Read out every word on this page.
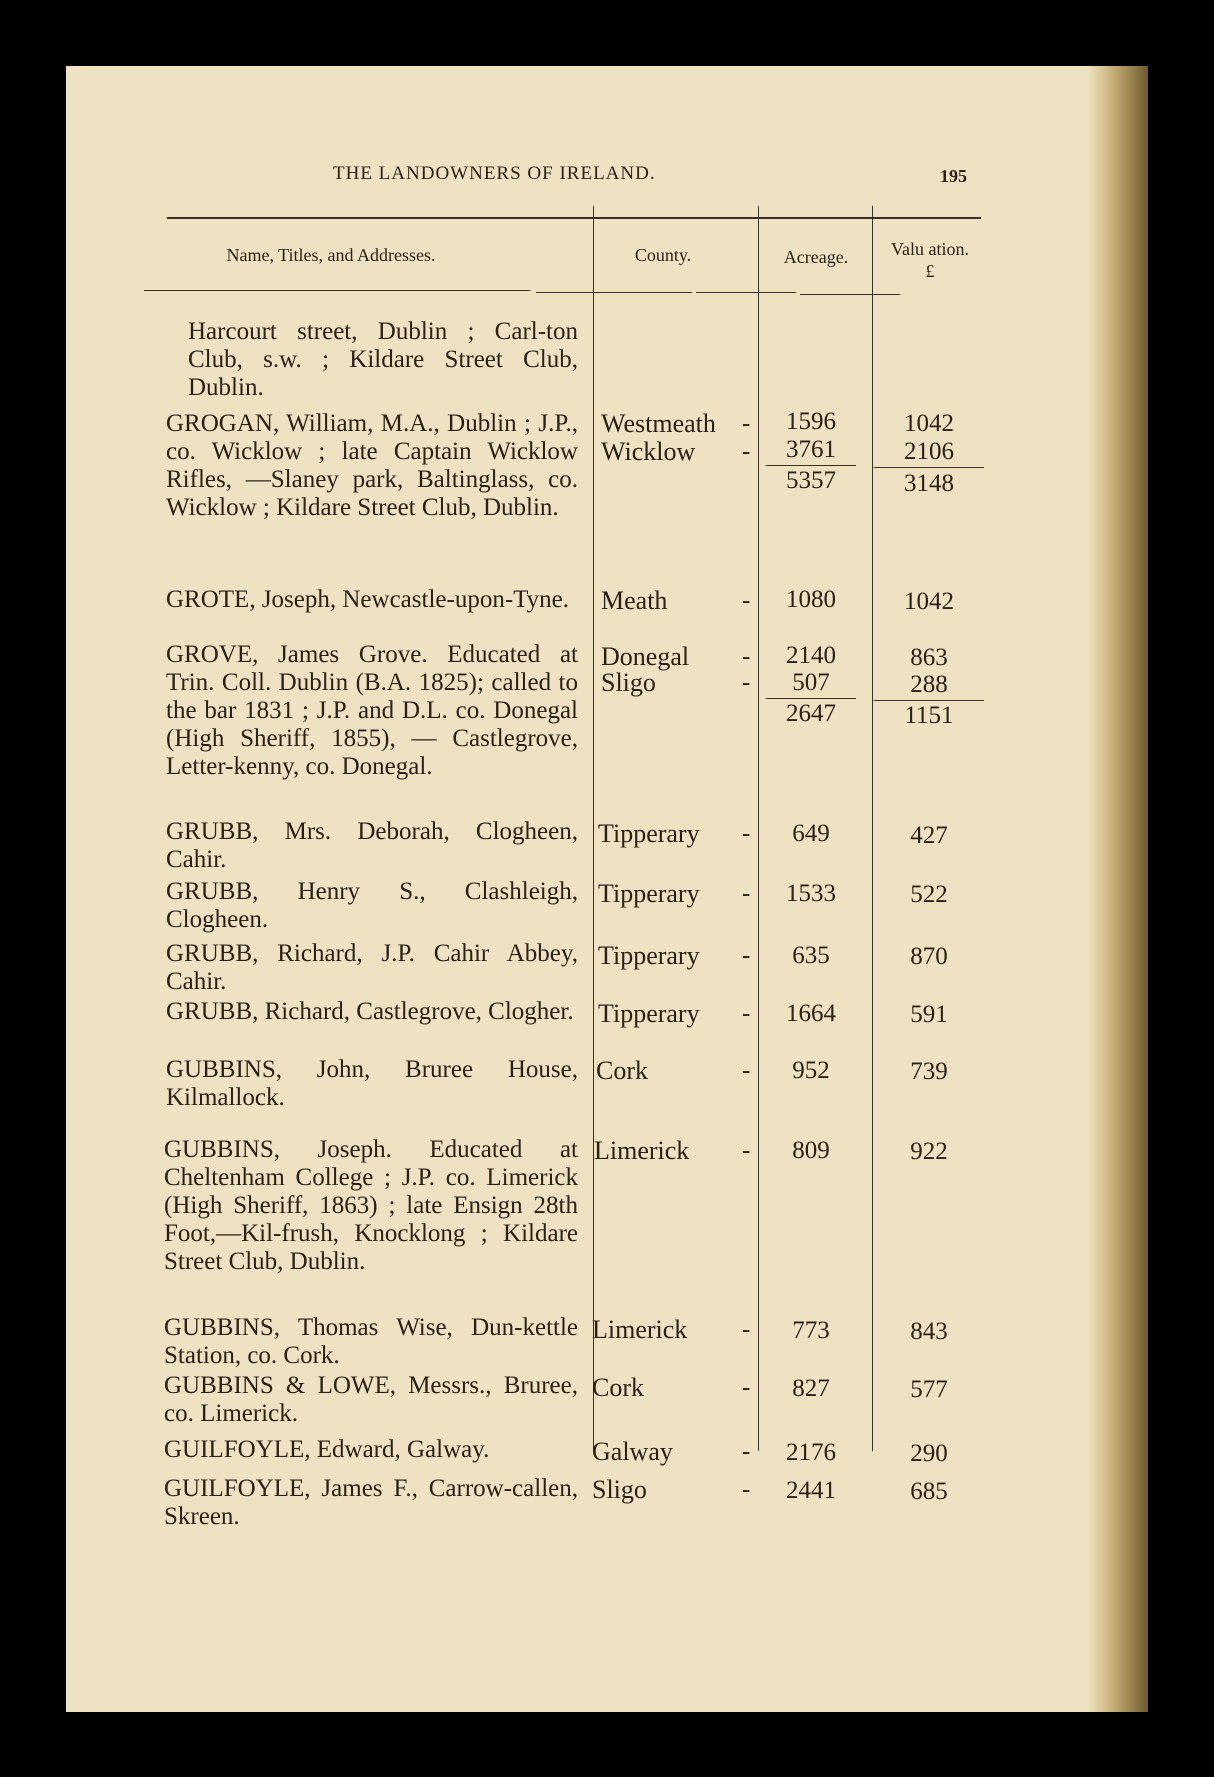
THE LANDOWNERS OF IRELAND.	195
Name, Titles, and Addresses.	County.	Acreage.	Valu ation.
£
Harcourt street, Dublin ; Carl-ton Club, s.w. ; Kildare Street Club, Dublin.
GROGAN, William, M.A., Dublin ; J.P., co. Wicklow ; late Captain Wicklow Rifles, —Slaney park, Baltinglass, co. Wicklow ; Kildare Street Club, Dublin.
Westmeath -	1596	1042
Wicklow -	3761	2106
5357	3148
GROTE, Joseph, Newcastle-upon-Tyne.	Meath	-	1080	1042
GROVE, James Grove. Educated at Trin. Coll. Dublin (B.A. 1825); called to the bar 1831 ; J.P. and D.L. co. Donegal (High Sheriff, 1855), — Castlegrove, Letter-kenny, co. Donegal.
Donegal -	2140	863
Sligo	-	507	288
2647	1151
GRUBB, Mrs. Deborah, Clogheen, Cahir.
Tipperary -	649	427
GRUBB, Henry S., Clashleigh, Clogheen.
Tipperary -	1533	522
GRUBB, Richard, J.P. Cahir Abbey, Cahir.
Tipperary -	635	870
GRUBB, Richard, Castlegrove, Clogher. Tipperary -	1664	591
GUBBINS, John, Bruree House, Kilmallock.
Cork	-	952	739
GUBBINS, Joseph. Educated at Cheltenham College ; J.P. co. Limerick (High Sheriff, 1863) ; late Ensign 28th Foot,—Kil-frush, Knocklong ; Kildare Street Club, Dublin.
Limerick -	809	922
GUBBINS, Thomas Wise, Dun-kettle Station, co. Cork.
Limerick -	773	843
GUBBINS & LOWE, Messrs., Bruree, co. Limerick.
Cork	-	827	577
GUILFOYLE, Edward, Galway.	Galway	-	2176	290
GUILFOYLE, James F., Carrow-callen, Skreen.
Sligo	-	2441	685
